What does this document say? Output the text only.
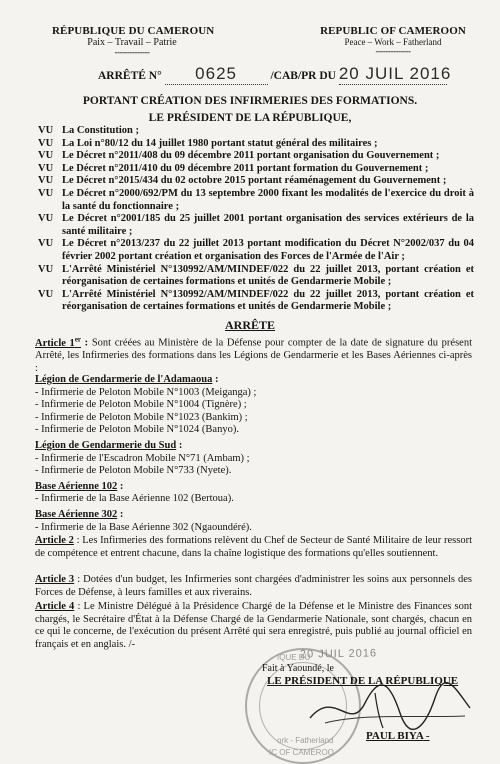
RÉPUBLIQUE DU CAMEROUN
Paix – Travail – Patrie
--------------
REPUBLIC OF CAMEROON
Peace – Work – Fatherland
--------------
ARRÊTÉ N° 0625	/CAB/PR DU 20 JUIL 2016
PORTANT CRÉATION DES INFIRMERIES DES FORMATIONS.
LE PRÉSIDENT DE LA RÉPUBLIQUE,
VU La Constitution ;
VU La Loi n°80/12 du 14 juillet 1980 portant statut général des militaires ;
VU Le Décret n°2011/408 du 09 décembre 2011 portant organisation du Gouvernement ;
VU Le Décret n°2011/410 du 09 décembre 2011 portant formation du Gouvernement ;
VU Le Décret n°2015/434 du 02 octobre 2015 portant réaménagement du Gouvernement ;
VU Le Décret n°2000/692/PM du 13 septembre 2000 fixant les modalités de l'exercice du droit à la santé du fonctionnaire ;
VU Le Décret n°2001/185 du 25 juillet 2001 portant organisation des services extérieurs de la santé militaire ;
VU Le Décret n°2013/237 du 22 juillet 2013 portant modification du Décret N°2002/037 du 04 février 2002 portant création et organisation des Forces de l'Armée de l'Air ;
VU L'Arrêté Ministériel N°130992/AM/MINDEF/022 du 22 juillet 2013, portant création et réorganisation de certaines formations et unités de Gendarmerie Mobile ;
VU L'Arrêté Ministériel N°130992/AM/MINDEF/022 du 22 juillet 2013, portant création et réorganisation de certaines formations et unités de Gendarmerie Mobile ;
ARRÊTE
Article 1er : Sont créées au Ministère de la Défense pour compter de la date de signature du présent Arrêté, les Infirmeries des formations dans les Légions de Gendarmerie et les Bases Aériennes ci-après :
Légion de Gendarmerie de l'Adamaoua :
- Infirmerie de Peloton Mobile N°1003 (Meiganga) ;
- Infirmerie de Peloton Mobile N°1004 (Tignère) ;
- Infirmerie de Peloton Mobile N°1023 (Bankim) ;
- Infirmerie de Peloton Mobile N°1024 (Banyo).
Légion de Gendarmerie du Sud :
- Infirmerie de l'Escadron Mobile N°71 (Ambam) ;
- Infirmerie de Peloton Mobile N°733 (Nyete).
Base Aérienne 102 :
- Infirmerie de la Base Aérienne 102 (Bertoua).
Base Aérienne 302 :
- Infirmerie de la Base Aérienne 302 (Ngaoundéré).
Article 2 : Les Infirmeries des formations relèvent du Chef de Secteur de Santé Militaire de leur ressort de compétence et entrent chacune, dans la chaîne logistique des formations qu'elles soutiennent.
Article 3 : Dotées d'un budget, les Infirmeries sont chargées d'administrer les soins aux personnels des Forces de Défense, à leurs familles et aux riverains.
Article 4 : Le Ministre Délégué à la Présidence Chargé de la Défense et le Ministre des Finances sont chargés, le Secrétaire d'État à la Défense Chargé de la Gendarmerie Nationale, sont chargés, chacun en ce qui le concerne, de l'exécution du présent Arrêté qui sera enregistré, puis publié au journal officiel en français et en anglais. /-
IQUE DU
ork - Fatherland
IC OF CAMEROO
20 JUIL 2016
Fait à Yaoundé, le
LE PRÉSIDENT DE LA RÉPUBLIQUE
PAUL BIYA -
